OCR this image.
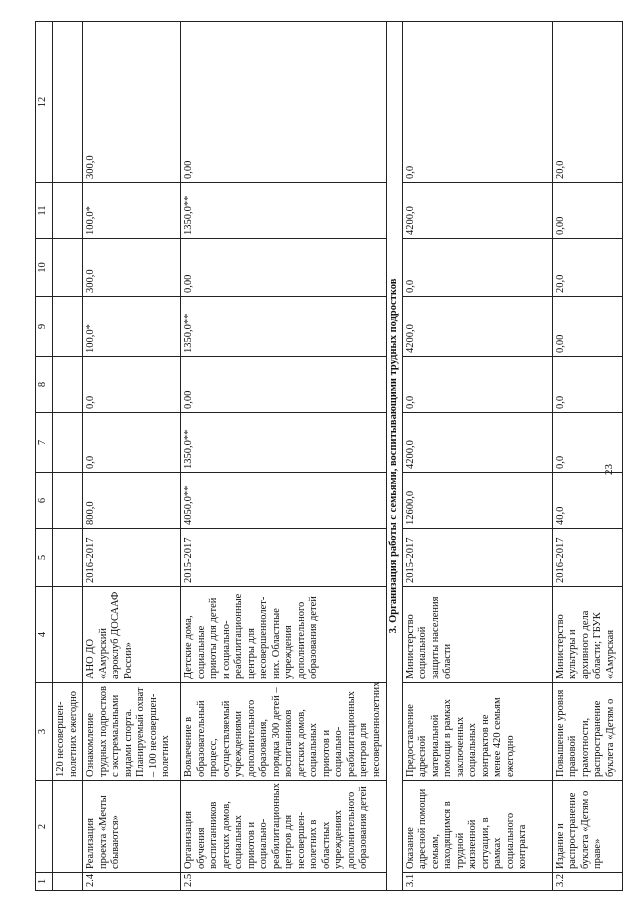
23
1	2	3	4	5	6	7	8	9	10	11	12
		120 несовершен-нолетних ежегодно									
2.4	Реализация проекта «Мечты сбываются»	Ознакомление трудных подростков с экстремальными видами спорта. Планируемый охват – 100 несовершен-нолетних	АНО ДО «Амурский аэроклуб ДОСААФ России»	2016-2017	800,0	0,0	0,0	100,0*	300,0	100,0*	300,0
2.5	Организация обучения воспитанников детских домов, социальных приютов и социально-реабилитационных центров для несовершен-нолетних в областных учреждениях дополнительного образования детей	Вовлечение в образовательный процесс, осуществляемый учреждениями дополнительного образования, порядка 300 детей – воспитанников детских домов, социальных приютов и социально-реабилитационных центров для несовершеннолетних	Детские дома, социальные приюты для детей и социально-реабилитационные центры для несовершеннолет-них. Областные учреждения дополнительного образования детей	2015-2017	4050,0**	1350,0**	0,00	1350,0**	0,00	1350,0**	0,00
3. Организация работы с семьями, воспитывающими трудных подростков											
3.1	Оказание адресной помощи семьям, находящимся в трудной жизненной ситуации, в рамках социального контракта	Предоставление адресной материальной помощи в рамках заключенных социальных контрактов не менее 420 семьям ежегодно	Министерство социальной защиты населения области	2015-2017	12600,0	4200,0	0,0	4200,0	0,0	4200,0	0,0
3.2	Издание и распространение буклета «Детям о праве»	Повышение уровня правовой грамотности, распространение буклета «Детям о	Министерство культуры и архивного дела области; ГБУК «Амурская	2016-2017	40,0	0,0	0,0	0,00	20,0	0,00	20,0
